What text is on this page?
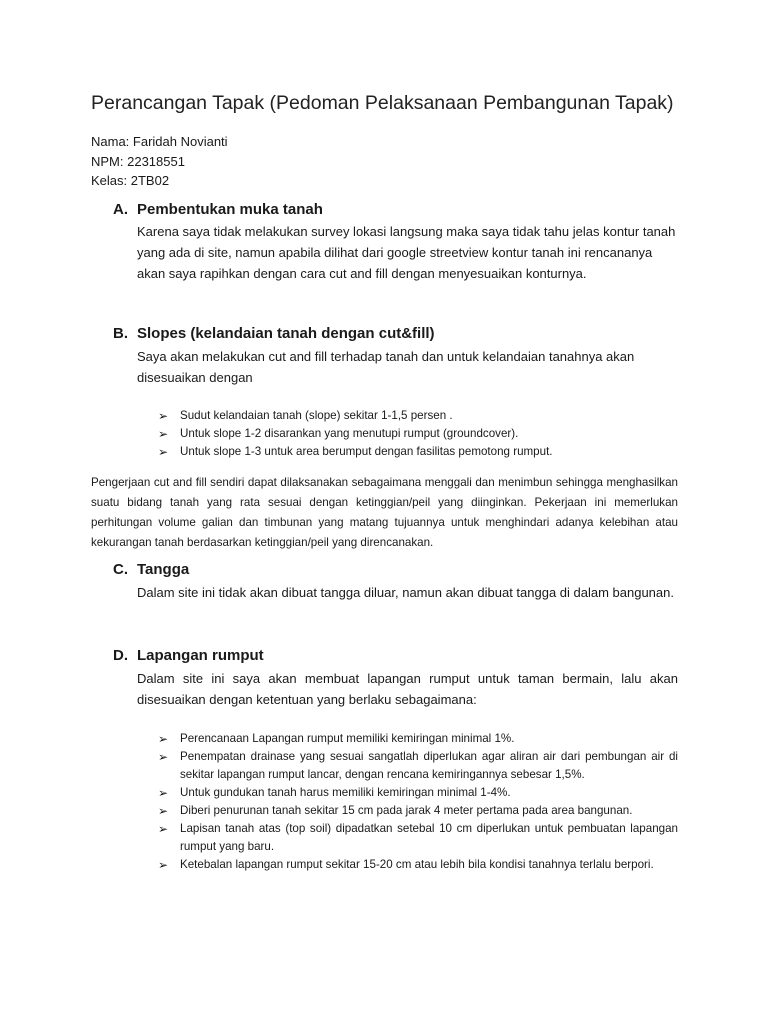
Perancangan Tapak (Pedoman Pelaksanaan Pembangunan Tapak)
Nama: Faridah Novianti
NPM: 22318551
Kelas: 2TB02
A. Pembentukan muka tanah
Karena saya tidak melakukan survey lokasi langsung maka saya tidak tahu jelas kontur tanah yang ada di site, namun apabila dilihat dari google streetview kontur tanah ini rencananya akan saya rapihkan dengan cara cut and fill dengan menyesuaikan konturnya.
B. Slopes (kelandaian tanah dengan cut&fill)
Saya akan melakukan cut and fill terhadap tanah dan untuk kelandaian tanahnya akan disesuaikan dengan
➢ Sudut kelandaian tanah (slope) sekitar 1-1,5 persen .
➢ Untuk slope 1-2 disarankan yang menutupi rumput (groundcover).
➢ Untuk slope 1-3 untuk area berumput dengan fasilitas pemotong rumput.
Pengerjaan cut and fill sendiri dapat dilaksanakan sebagaimana menggali dan menimbun sehingga menghasilkan suatu bidang tanah yang rata sesuai dengan ketinggian/peil yang diinginkan. Pekerjaan ini memerlukan perhitungan volume galian dan timbunan yang matang tujuannya untuk menghindari adanya kelebihan atau kekurangan tanah berdasarkan ketinggian/peil yang direncanakan.
C. Tangga
Dalam site ini tidak akan dibuat tangga diluar, namun akan dibuat tangga di dalam bangunan.
D. Lapangan rumput
Dalam site ini saya akan membuat lapangan rumput untuk taman bermain, lalu akan disesuaikan dengan ketentuan yang berlaku sebagaimana:
➢ Perencanaan Lapangan rumput memiliki kemiringan minimal 1%.
➢ Penempatan drainase yang sesuai sangatlah diperlukan agar aliran air dari pembungan air di sekitar lapangan rumput lancar, dengan rencana kemiringannya sebesar 1,5%.
➢ Untuk gundukan tanah harus memiliki kemiringan minimal 1-4%.
➢ Diberi penurunan tanah sekitar 15 cm pada jarak 4 meter pertama pada area bangunan.
➢ Lapisan tanah atas (top soil) dipadatkan setebal 10 cm diperlukan untuk pembuatan lapangan rumput yang baru.
➢ Ketebalan lapangan rumput sekitar 15-20 cm atau lebih bila kondisi tanahnya terlalu berpori.
